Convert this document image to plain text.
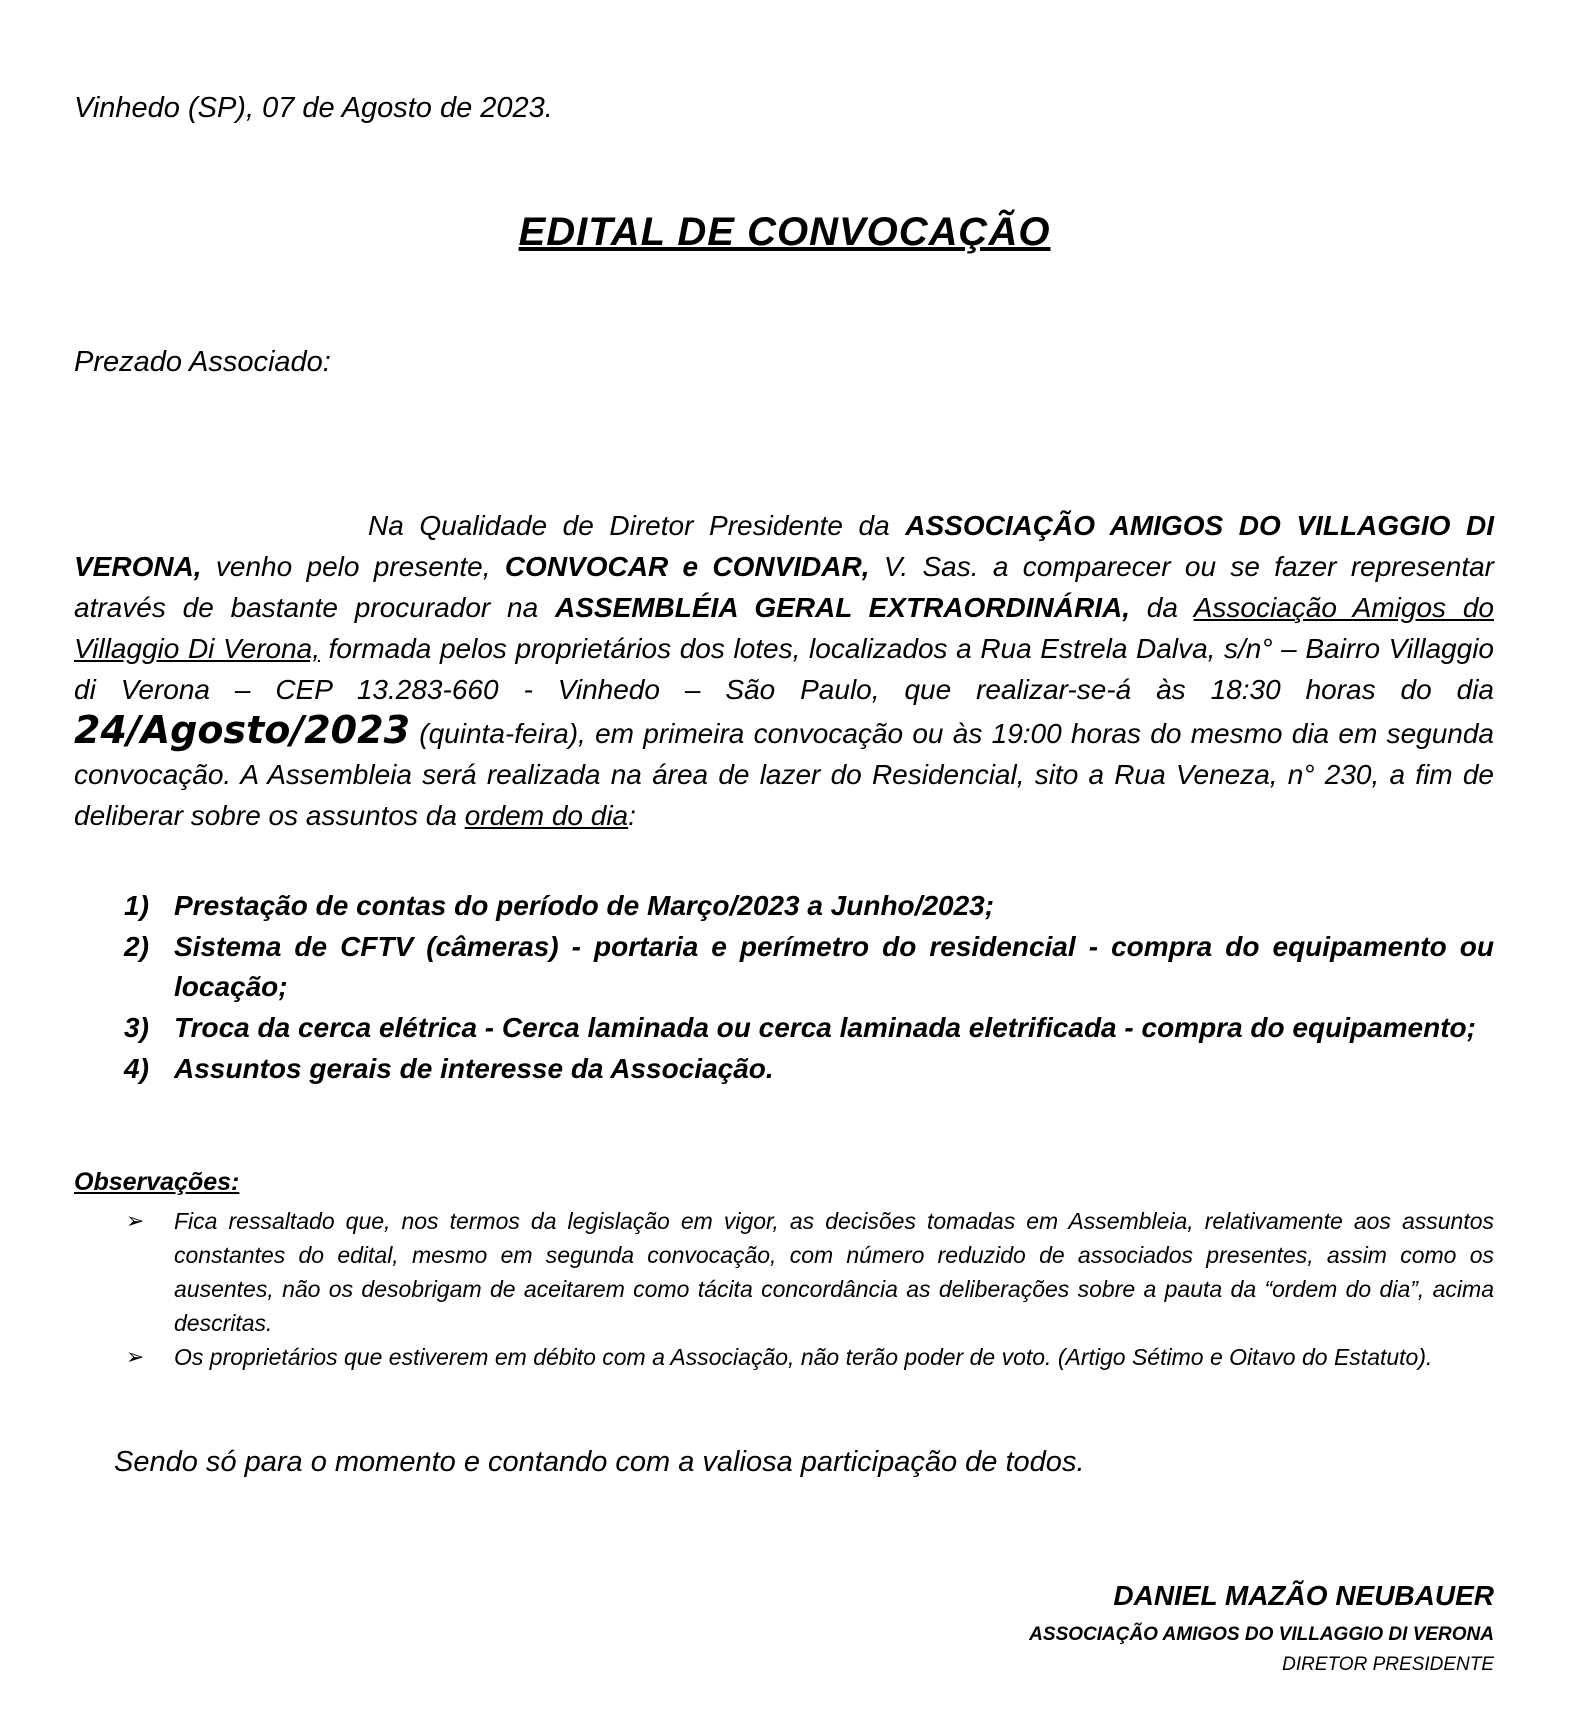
Vinhedo (SP), 07 de Agosto de 2023.
EDITAL DE CONVOCAÇÃO
Prezado Associado:
Na Qualidade de Diretor Presidente da ASSOCIAÇÃO AMIGOS DO VILLAGGIO DI VERONA, venho pelo presente, CONVOCAR e CONVIDAR, V. Sas. a comparecer ou se fazer representar através de bastante procurador na ASSEMBLÉIA GERAL EXTRAORDINÁRIA, da Associação Amigos do Villaggio Di Verona, formada pelos proprietários dos lotes, localizados a Rua Estrela Dalva, s/n° – Bairro Villaggio di Verona – CEP 13.283-660 - Vinhedo – São Paulo, que realizar-se-á às 18:30 horas do dia 24/Agosto/2023 (quinta-feira), em primeira convocação ou às 19:00 horas do mesmo dia em segunda convocação. A Assembleia será realizada na área de lazer do Residencial, sito a Rua Veneza, n° 230, a fim de deliberar sobre os assuntos da ordem do dia:
1) Prestação de contas do período de Março/2023 a Junho/2023;
2) Sistema de CFTV (câmeras) - portaria e perímetro do residencial - compra do equipamento ou locação;
3) Troca da cerca elétrica - Cerca laminada ou cerca laminada eletrificada - compra do equipamento;
4) Assuntos gerais de interesse da Associação.
Observações:
➢ Fica ressaltado que, nos termos da legislação em vigor, as decisões tomadas em Assembleia, relativamente aos assuntos constantes do edital, mesmo em segunda convocação, com número reduzido de associados presentes, assim como os ausentes, não os desobrigam de aceitarem como tácita concordância as deliberações sobre a pauta da “ordem do dia”, acima descritas.
➢ Os proprietários que estiverem em débito com a Associação, não terão poder de voto. (Artigo Sétimo e Oitavo do Estatuto).
Sendo só para o momento e contando com a valiosa participação de todos.
DANIEL MAZÃO NEUBAUER
ASSOCIAÇÃO AMIGOS DO VILLAGGIO DI VERONA
DIRETOR PRESIDENTE
